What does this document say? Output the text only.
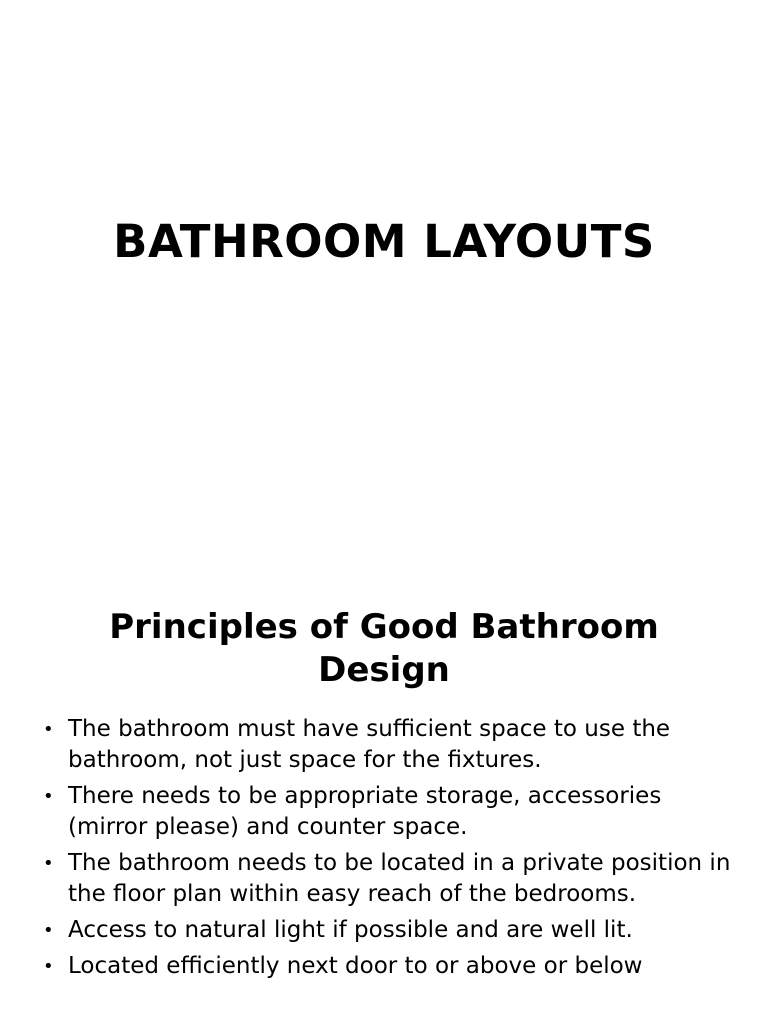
BATHROOM LAYOUTS
Principles of Good Bathroom Design
• The bathroom must have sufficient space to use the bathroom, not just space for the fixtures.
• There needs to be appropriate storage, accessories (mirror please) and counter space.
• The bathroom needs to be located in a private position in the floor plan within easy reach of the bedrooms.
• Access to natural light if possible and are well lit.
• Located efficiently next door to or above or below
